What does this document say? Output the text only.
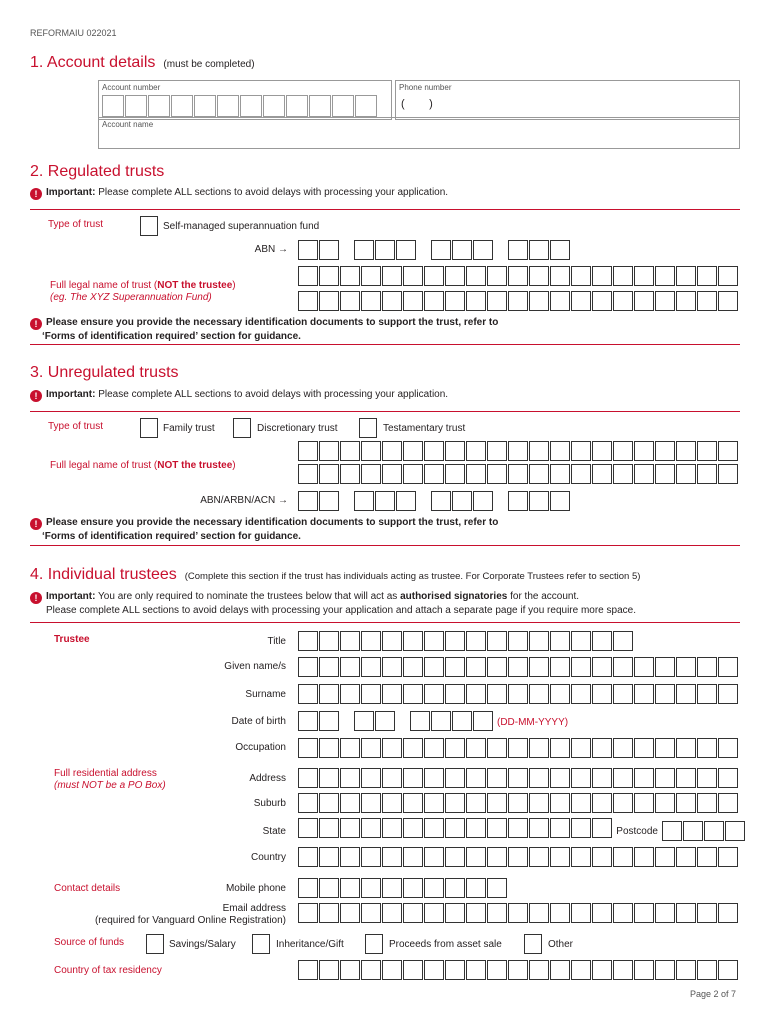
REFORMAIU 022021
1. Account details (must be completed)
Account number	Phone number
(        )
Account name
2. Regulated trusts
! Important: Please complete ALL sections to avoid delays with processing your application.
Type of trust	Self-managed superannuation fund
ABN →
Full legal name of trust (NOT the trustee)
(eg. The XYZ Superannuation Fund)
! Please ensure you provide the necessary identification documents to support the trust, refer to
‘Forms of identification required’ section for guidance.
3. Unregulated trusts
! Important: Please complete ALL sections to avoid delays with processing your application.
Type of trust	Family trust	Discretionary trust	Testamentary trust
Full legal name of trust (NOT the trustee)
ABN/ARBN/ACN →
! Please ensure you provide the necessary identification documents to support the trust, refer to
‘Forms of identification required’ section for guidance.
4. Individual trustees (Complete this section if the trust has individuals acting as trustee. For Corporate Trustees refer to section 5)
! Important: You are only required to nominate the trustees below that will act as authorised signatories for the account.
Please complete ALL sections to avoid delays with processing your application and attach a separate page if you require more space.
Trustee	Title
Given name/s
Surname
Date of birth	(DD-MM-YYYY)
Occupation
Full residential address
(must NOT be a PO Box)
Address
Suburb
State	Postcode
Country
Contact details	Mobile phone
Email address
(required for Vanguard Online Registration)
Source of funds	Savings/Salary	Inheritance/Gift	Proceeds from asset sale	Other
Country of tax residency
Page 2 of 7
